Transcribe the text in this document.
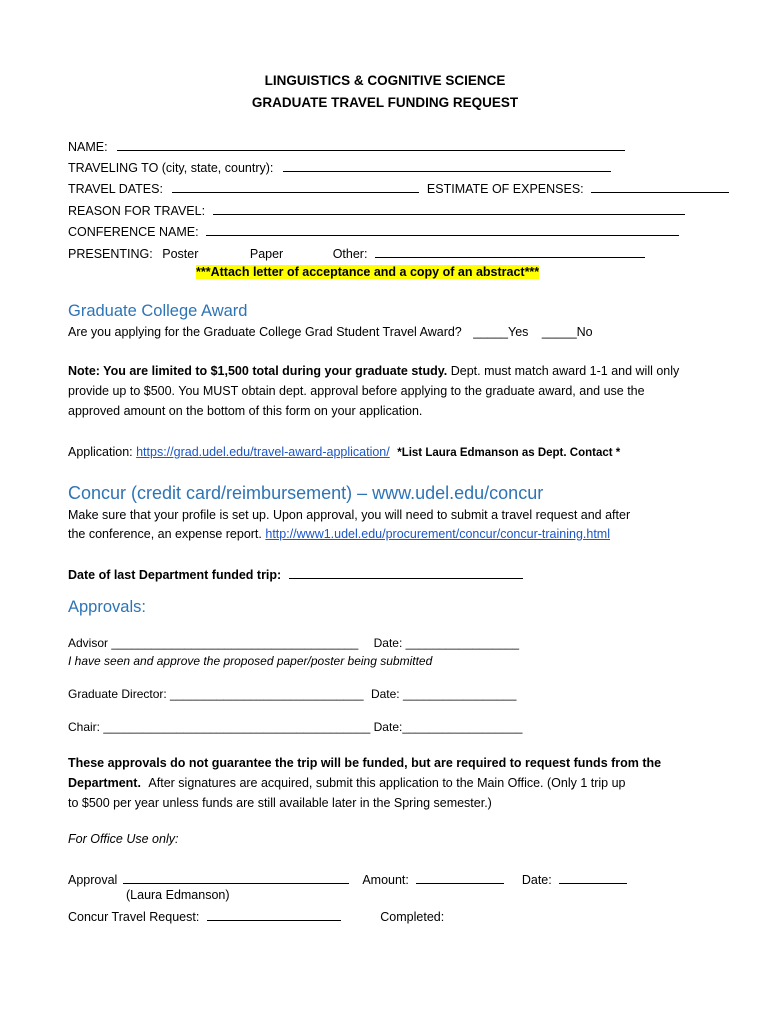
LINGUISTICS & COGNITIVE SCIENCE
GRADUATE TRAVEL FUNDING REQUEST
NAME:
TRAVELING TO (city, state, country):
TRAVEL DATES:	ESTIMATE OF EXPENSES:
REASON FOR TRAVEL:
CONFERENCE NAME:
PRESENTING: Poster	Paper	Other:
***Attach letter of acceptance and a copy of an abstract***
Graduate College Award
Are you applying for the Graduate College Grad Student Travel Award? _____Yes _____No
Note: You are limited to $1,500 total during your graduate study. Dept. must match award 1-1 and will only
provide up to $500. You MUST obtain dept. approval before applying to the graduate award, and use the
approved amount on the bottom of this form on your application.
Application: https://grad.udel.edu/travel-award-application/ *List Laura Edmanson as Dept. Contact *
Concur (credit card/reimbursement) – www.udel.edu/concur
Make sure that your profile is set up. Upon approval, you will need to submit a travel request and after
the conference, an expense report. http://www1.udel.edu/procurement/concur/concur-training.html
Date of last Department funded trip:
Approvals:
Advisor _____________________________________ Date: _________________
I have seen and approve the proposed paper/poster being submitted
Graduate Director: _____________________________ Date: _________________
Chair: ________________________________________ Date:__________________
These approvals do not guarantee the trip will be funded, but are required to request funds from the
Department. After signatures are acquired, submit this application to the Main Office. (Only 1 trip up
to $500 per year unless funds are still available later in the Spring semester.)
For Office Use only:
Approval	Amount:	Date:
(Laura Edmanson)
Concur Travel Request:	Completed:
